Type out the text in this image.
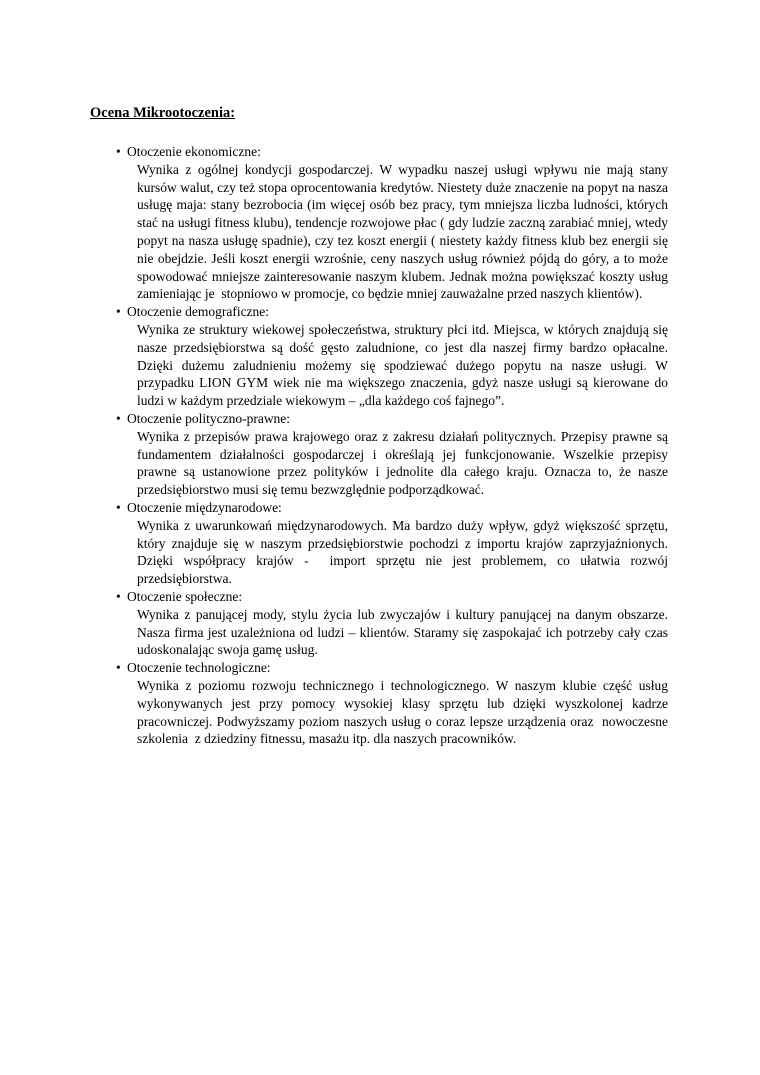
Ocena Mikrootoczenia:
• Otoczenie ekonomiczne:
Wynika z ogólnej kondycji gospodarczej. W wypadku naszej usługi wpływu nie mają stany kursów walut, czy też stopa oprocentowania kredytów. Niestety duże znaczenie na popyt na nasza usługę maja: stany bezrobocia (im więcej osób bez pracy, tym mniejsza liczba ludności, których stać na usługi fitness klubu), tendencje rozwojowe płac ( gdy ludzie zaczną zarabiać mniej, wtedy popyt na nasza usługę spadnie), czy tez koszt energii ( niestety każdy fitness klub bez energii się nie obejdzie. Jeśli koszt energii wzrośnie, ceny naszych usług również pójdą do góry, a to może spowodować mniejsze zainteresowanie naszym klubem. Jednak można powiększać koszty usług zamieniając je  stopniowo w promocje, co będzie mniej zauważalne przed naszych klientów).
• Otoczenie demograficzne:
Wynika ze struktury wiekowej społeczeństwa, struktury płci itd. Miejsca, w których znajdują się nasze przedsiębiorstwa są dość gęsto zaludnione, co jest dla naszej firmy bardzo opłacalne. Dzięki dużemu zaludnieniu możemy się spodziewać dużego popytu na nasze usługi. W przypadku LION GYM wiek nie ma większego znaczenia, gdyż nasze usługi są kierowane do ludzi w każdym przedziale wiekowym – „dla każdego coś fajnego”.
• Otoczenie polityczno-prawne:
Wynika z przepisów prawa krajowego oraz z zakresu działań politycznych. Przepisy prawne są fundamentem działalności gospodarczej i określają jej funkcjonowanie. Wszelkie przepisy prawne są ustanowione przez polityków i jednolite dla całego kraju. Oznacza to, że nasze przedsiębiorstwo musi się temu bezwzględnie podporządkować.
• Otoczenie międzynarodowe:
Wynika z uwarunkowań międzynarodowych. Ma bardzo duży wpływ, gdyż większość sprzętu, który znajduje się w naszym przedsiębiorstwie pochodzi z importu krajów zaprzyjaźnionych. Dzięki współpracy krajów -  import sprzętu nie jest problemem, co ułatwia rozwój przedsiębiorstwa.
• Otoczenie społeczne:
Wynika z panującej mody, stylu życia lub zwyczajów i kultury panującej na danym obszarze. Nasza firma jest uzależniona od ludzi – klientów. Staramy się zaspokajać ich potrzeby cały czas udoskonalając swoja gamę usług.
• Otoczenie technologiczne:
Wynika z poziomu rozwoju technicznego i technologicznego. W naszym klubie część usług wykonywanych jest przy pomocy wysokiej klasy sprzętu lub dzięki wyszkolonej kadrze pracowniczej. Podwyższamy poziom naszych usług o coraz lepsze urządzenia oraz  nowoczesne szkolenia  z dziedziny fitnessu, masażu itp. dla naszych pracowników.
